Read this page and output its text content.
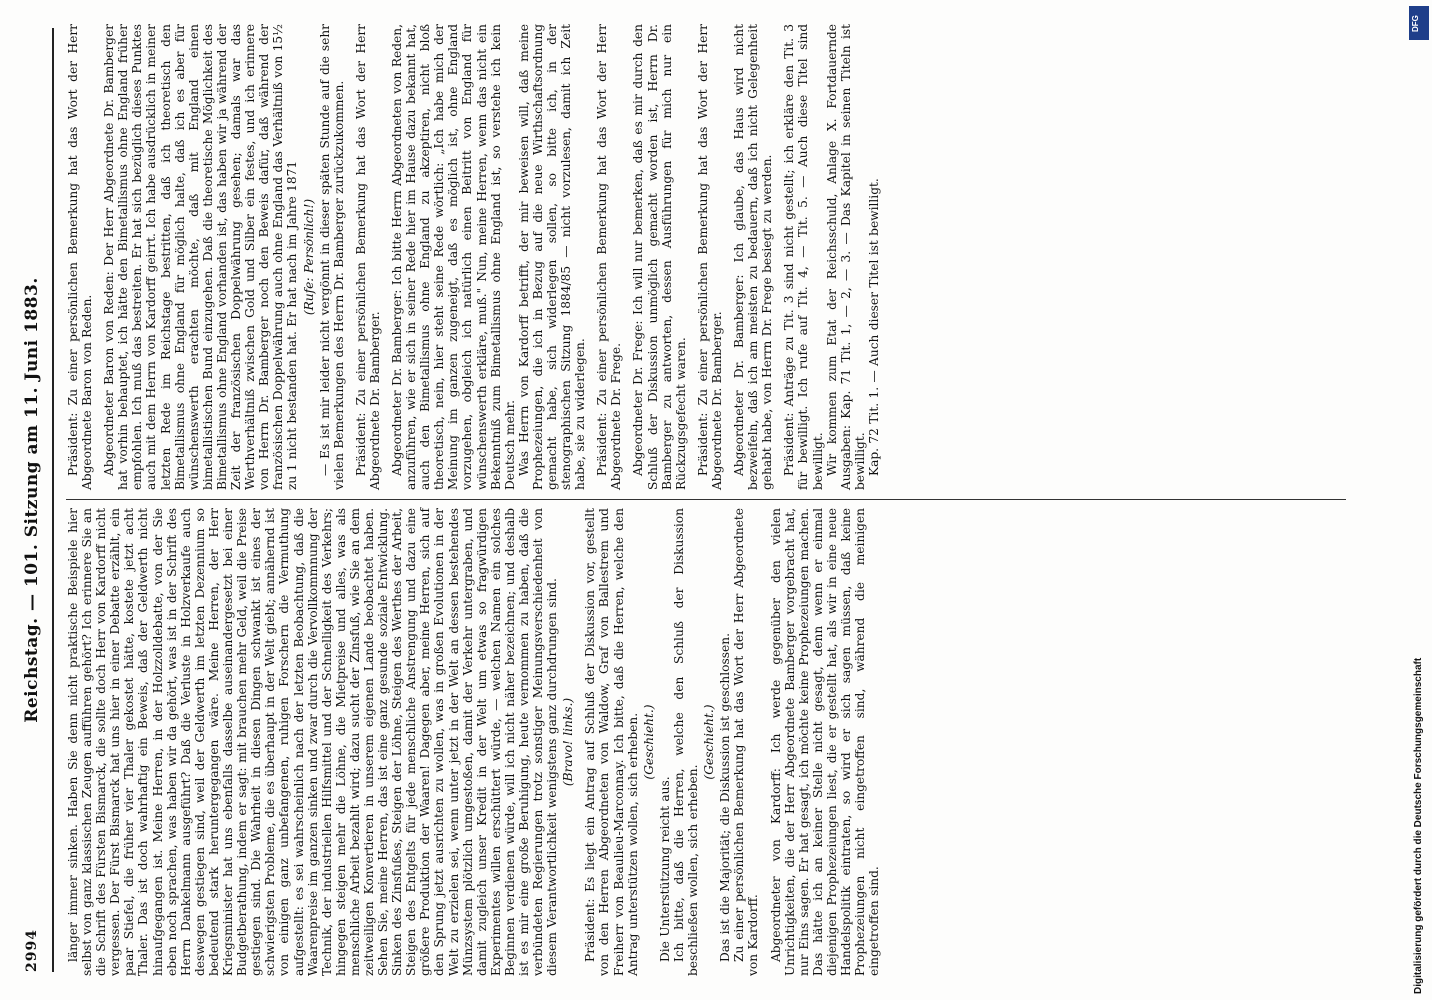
2994
Reichstag. — 101. Sitzung am 11. Juni 1883.

länger immer sinken. Haben Sie denn nicht praktische Beispiele hier selbst von ganz klassischen Zeugen aufführen gehört? Ich erinnere Sie an die Schrift des Fürsten Bismarck, die sollte doch Herr von Kardorff nicht vergessen. Der Fürst Bismarck hat uns hier in einer Debatte erzählt, ein paar Stiefel, die früher vier Thaler gekostet hätte, kostete jetzt acht Thaler. Das ist doch wahrhaftig ein Beweis, daß der Geldwerth nicht hinaufgegangen ist. Meine Herren, in der Holzzolldebatte, von der Sie eben noch sprachen, was haben wir da gehört, was ist in der Schrift des Herrn Dankelmann ausgeführt? Daß die Verluste in Holzverkaufe auch deswegen gestiegen sind, weil der Geldwerth im letzten Dezennium so bedeutend stark heruntergegangen wäre. Meine Herren, der Herr Kriegsminister hat uns ebenfalls dasselbe auseinandergesetzt bei einer Budgetberathung, indem er sagt: mit brauchen mehr Geld, weil die Preise gestiegen sind. Die Wahrheit in diesen Dingen schwankt ist eines der schwierigsten Probleme, die es überhaupt in der Welt giebt; annähernd ist von einigen ganz unbefangenen, ruhigen Forschern die Vermuthung aufgestellt: es sei wahrscheinlich nach der letzten Beobachtung, daß die Waarenpreise im ganzen sinken und zwar durch die Vervollkommnung der Technik, der industriellen Hilfsmittel und der Schnelligkeit des Verkehrs; hingegen steigen mehr die Löhne, die Mietpreise und alles, was als menschliche Arbeit bezahlt wird; dazu sucht der Zinsfuß, wie Sie an dem zeitweiligen Konvertieren in unserem eigenen Lande beobachtet haben. Sehen Sie, meine Herren, das ist eine ganz gesunde soziale Entwicklung. Sinken des Zinsfußes, Steigen der Löhne, Steigen des Werthes der Arbeit, Steigen des Entgelts für jede menschliche Anstrengung und dazu eine größere Produktion der Waaren! Dagegen aber, meine Herren, sich auf den Sprung jetzt ausrichten zu wollen, was in großen Evolutionen in der Welt zu erzielen sei, wenn unter jetzt in der Welt an dessen bestehendes Münzsystem plötzlich umgestoßen, damit der Verkehr untergraben, und damit zugleich unser Kredit in der Welt um etwas so fragwürdigen Experimentes willen erschüttert würde, — welchen Namen ein solches Beginnen verdienen würde, will ich nicht näher bezeichnen; und deshalb ist es mir eine große Beruhigung, heute vernommen zu haben, daß die verbündeten Regierungen trotz sonstiger Meinungsverschiedenheit von diesem Verantwortlichkeit wenigstens ganz durchdrungen sind. (Bravo! links.) Präsident: Es liegt ein Antrag auf Schluß der Diskussion vor, gestellt von den Herren Abgeordneten von Waldow, Graf von Ballestrem und Freiherr von Beaulieu-Marconnay. Ich bitte, daß die Herren, welche den Antrag unterstützen wollen, sich erheben. (Geschieht.)

Die Unterstützung reicht aus. Ich bitte, daß die Herren, welche den Schluß der Diskussion beschließen wollen, sich erheben.

(Geschieht.) Das ist die Majorität; die Diskussion ist geschlossen. Zu einer persönlichen Bemerkung hat das Wort der Herr Abgeordnete von Kardorff. Abgeordneter von Kardorff: Ich werde gegenüber den vielen Unrichtigkeiten, die der Herr Abgeordnete Bamberger vorgebracht hat, nur Eins sagen. Er hat gesagt, ich möchte keine Prophezeiungen machen. Das hätte ich an keiner Stelle nicht gesagt, denn wenn er einmal diejenigen Prophezeiungen liest, die er gestellt hat, als wir in eine neue Handelspolitik eintraten, so wird er sich sagen müssen, daß keine Prophezeiungen nicht eingetroffen sind, während die meinigen eingetroffen sind.

Präsident: Zu einer persönlichen Bemerkung hat das Wort der Herr Abgeordnete Baron von Reden. Abgeordneter Baron von Reden: Der Herr Abgeordnete Dr. Bamberger hat vorhin behauptet, ich hätte den Bimetallismus ohne England früher empfohlen. Ich muß das bestreiten. Er hat sich bezüglich dieses Punktes auch mit dem Herrn von Kardorff geirrt. Ich habe ausdrücklich in meiner letzten Rede im Reichstage bestritten, daß ich theoretisch den Bimetallismus ohne England für möglich halte, daß ich es aber für wünschenswerth erachten möchte, daß mit England einen bimetallistischen Bund einzugehen. Daß die theoretische Möglichkeit des Bimetallismus ohne England vorhanden ist, das haben wir ja während der Zeit der französischen Doppelwährung gesehen; damals war das Werthverhältniß zwischen Gold und Silber ein festes, und ich erinnere von Herrn Dr. Bamberger noch den Beweis dafür, daß während der französischen Doppelwährung auch ohne England das Verhältniß von 15½ zu 1 nicht bestanden hat. Er hat nach im Jahre 1871 (Rufe: Persönlich!) — Es ist mir leider nicht vergönnt in dieser späten Stunde auf die sehr vielen Bemerkungen des Herrn Dr. Bamberger zurückzukommen. Präsident: Zu einer persönlichen Bemerkung hat das Wort der Herr Abgeordnete Dr. Bamberger. Abgeordneter Dr. Bamberger: Ich bitte Herrn Abgeordneten von Reden, anzuführen, wie er sich in seiner Rede hier im Hause dazu bekannt hat, auch den Bimetallismus ohne England zu akzeptiren, nicht bloß theoretisch, nein, hier steht seine Rede wörtlich: „Ich habe mich der Meinung im ganzen zugeneigt, daß es möglich ist, ohne England vorzugehen, obgleich ich natürlich einen Beitritt von England für wünschenswerth erkläre, muß." Nun, meine Herren, wenn das nicht ein Bekenntniß zum Bimetallismus ohne England ist, so verstehe ich kein Deutsch mehr. Was Herrn von Kardorff betrifft, der mir beweisen will, daß meine Prophezeiungen, die ich in Bezug auf die neue Wirthschaftsordnung gemacht habe, sich widerlegen sollen, so bitte ich, in der stenographischen Sitzung 1884/85 — nicht vorzulesen, damit ich Zeit habe, sie zu widerlegen. Präsident: Zu einer persönlichen Bemerkung hat das Wort der Herr Abgeordnete Dr. Frege. Abgeordneter Dr. Frege: Ich will nur bemerken, daß es mir durch den Schluß der Diskussion unmöglich gemacht worden ist, Herrn Dr. Bamberger zu antworten, dessen Ausführungen für mich nur ein Rückzugsgefecht waren. Präsident: Zu einer persönlichen Bemerkung hat das Wort der Herr Abgeordnete Dr. Bamberger. Abgeordneter Dr. Bamberger: Ich glaube, das Haus wird nicht bezweifeln, daß ich am meisten zu bedauern, daß ich nicht Gelegenheit gehabt habe, von Herrn Dr. Frege besiegt zu werden. Präsident: Anträge zu Tit. 3 sind nicht gestellt; ich erkläre den Tit. 3 für bewilligt. Ich rufe auf Tit. 4, — Tit. 5. — Auch diese Titel sind bewilligt. Wir kommen zum Etat der Reichsschuld, Anlage X. Fortdauernde Ausgaben: Kap. 71 Tit. 1, — 2, — 3. — Das Kapitel in seinen Titeln ist bewilligt. Kap. 72 Tit. 1. — Auch dieser Titel ist bewilligt.

Digitalisierung gefördert durch die Deutsche Forschungsgemeinschaft
DFG
